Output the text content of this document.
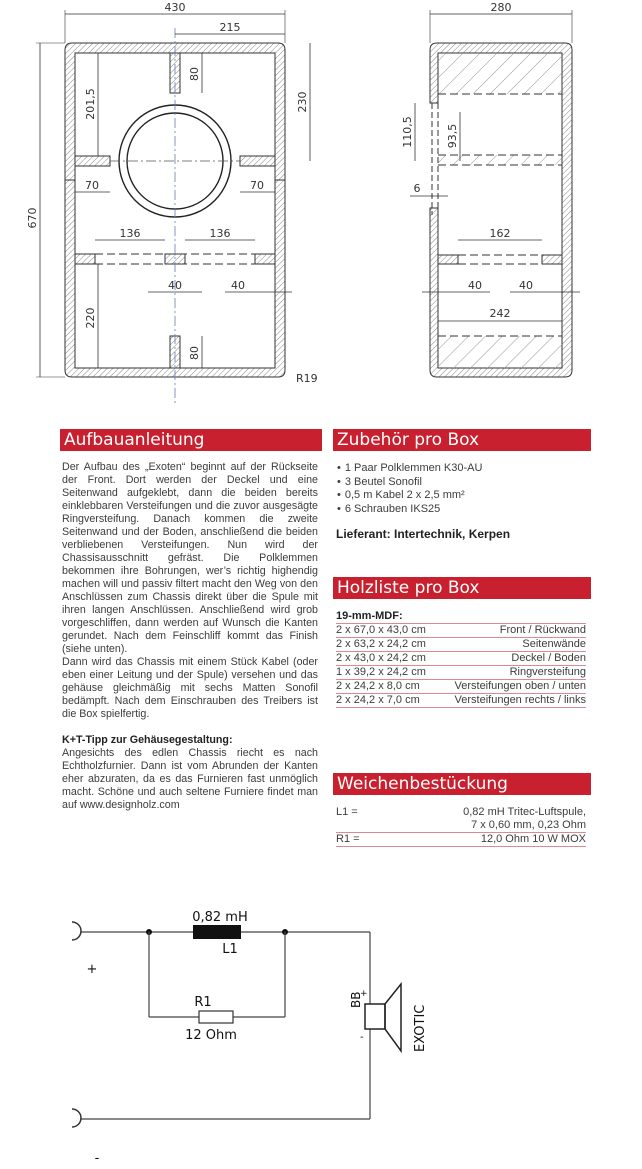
430
215
670
201,5	230
80
80
70	70
136	136
40	40
220
R19
280
110,5	93,5
6
162
40	40
242
Aufbauanleitung

Der Aufbau des „Exoten“ beginnt auf der Rückseite der Front. Dort werden der Deckel und eine Seitenwand aufgeklebt, dann die beiden bereits einklebbaren Versteifungen und die zuvor ausgesägte Ringversteifung. Danach kommen die zweite Seitenwand und der Boden, anschließend die beiden verbliebenen Versteifungen. Nun wird der Chassisausschnitt gefräst. Die Polklemmen bekommen ihre Bohrungen, wer’s richtig highendig machen will und passiv filtert macht den Weg von den Anschlüssen zum Chassis direkt über die Spule mit ihren langen Anschlüssen. Anschließend wird grob vorgeschliffen, dann werden auf Wunsch die Kanten gerundet. Nach dem Feinschliff kommt das Finish (siehe unten).

Dann wird das Chassis mit einem Stück Kabel (oder eben einer Leitung und der Spule) versehen und das gehäuse gleichmäßig mit sechs Matten Sonofil bedämpft. Nach dem Einschrauben des Treibers ist die Box spielfertig.

K+T-Tipp zur Gehäusegestaltung:

Angesichts des edlen Chassis riecht es nach Echtholzfurnier. Dann ist vom Abrunden der Kanten eher abzuraten, da es das Furnieren fast unmöglich macht. Schöne und auch seltene Furniere findet man auf www.designholz.com

Zubehör pro Box
• 1 Paar Polklemmen K30-AU
• 3 Beutel Sonofil
• 0,5 m Kabel 2 x 2,5 mm²
• 6 Schrauben IKS25
Lieferant: Intertechnik, Kerpen
Holzliste pro Box
19-mm-MDF:
2 x 67,0 x 43,0 cm	Front / Rückwand
2 x 63,2 x 24,2 cm	Seitenwände
2 x 43,0 x 24,2 cm	Deckel / Boden
1 x 39,2 x 24,2 cm	Ringversteifung
2 x 24,2 x 8,0 cm	Versteifungen oben / unten
2 x 24,2 x 7,0 cm	Versteifungen rechts / links
Weichenbestückung
L1 =	0,82 mH Tritec-Luftspule,
7 x 0,60 mm, 0,23 Ohm
R1 =	12,0 Ohm 10 W MOX
0,82 mH
L1
R1
12 Ohm
+
-
BB
+
-	EXOTIC
